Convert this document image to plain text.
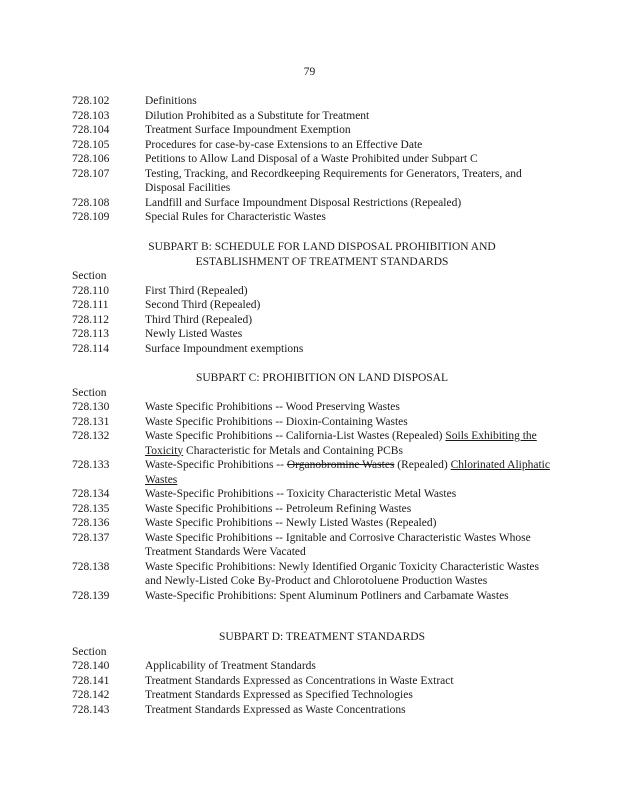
79
728.102	Definitions
728.103	Dilution Prohibited as a Substitute for Treatment
728.104	Treatment Surface Impoundment Exemption
728.105	Procedures for case-by-case Extensions to an Effective Date
728.106	Petitions to Allow Land Disposal of a Waste Prohibited under Subpart C
728.107	Testing, Tracking, and Recordkeeping Requirements for Generators, Treaters, and Disposal Facilities
728.108	Landfill and Surface Impoundment Disposal Restrictions (Repealed)
728.109	Special Rules for Characteristic Wastes
SUBPART B: SCHEDULE FOR LAND DISPOSAL PROHIBITION AND
ESTABLISHMENT OF TREATMENT STANDARDS
Section
728.110	First Third (Repealed)
728.111	Second Third (Repealed)
728.112	Third Third (Repealed)
728.113	Newly Listed Wastes
728.114	Surface Impoundment exemptions
SUBPART C: PROHIBITION ON LAND DISPOSAL
Section
728.130	Waste Specific Prohibitions -- Wood Preserving Wastes
728.131	Waste Specific Prohibitions -- Dioxin-Containing Wastes
728.132	Waste Specific Prohibitions -- California-List Wastes (Repealed) Soils Exhibiting the Toxicity Characteristic for Metals and Containing PCBs
728.133	Waste-Specific Prohibitions -- Organobromine Wastes (Repealed) Chlorinated Aliphatic Wastes
728.134	Waste-Specific Prohibitions -- Toxicity Characteristic Metal Wastes
728.135	Waste Specific Prohibitions -- Petroleum Refining Wastes
728.136	Waste Specific Prohibitions -- Newly Listed Wastes (Repealed)
728.137	Waste Specific Prohibitions -- Ignitable and Corrosive Characteristic Wastes Whose Treatment Standards Were Vacated
728.138	Waste Specific Prohibitions: Newly Identified Organic Toxicity Characteristic Wastes and Newly-Listed Coke By-Product and Chlorotoluene Production Wastes
728.139	Waste-Specific Prohibitions: Spent Aluminum Potliners and Carbamate Wastes
SUBPART D: TREATMENT STANDARDS
Section
728.140	Applicability of Treatment Standards
728.141	Treatment Standards Expressed as Concentrations in Waste Extract
728.142	Treatment Standards Expressed as Specified Technologies
728.143	Treatment Standards Expressed as Waste Concentrations
